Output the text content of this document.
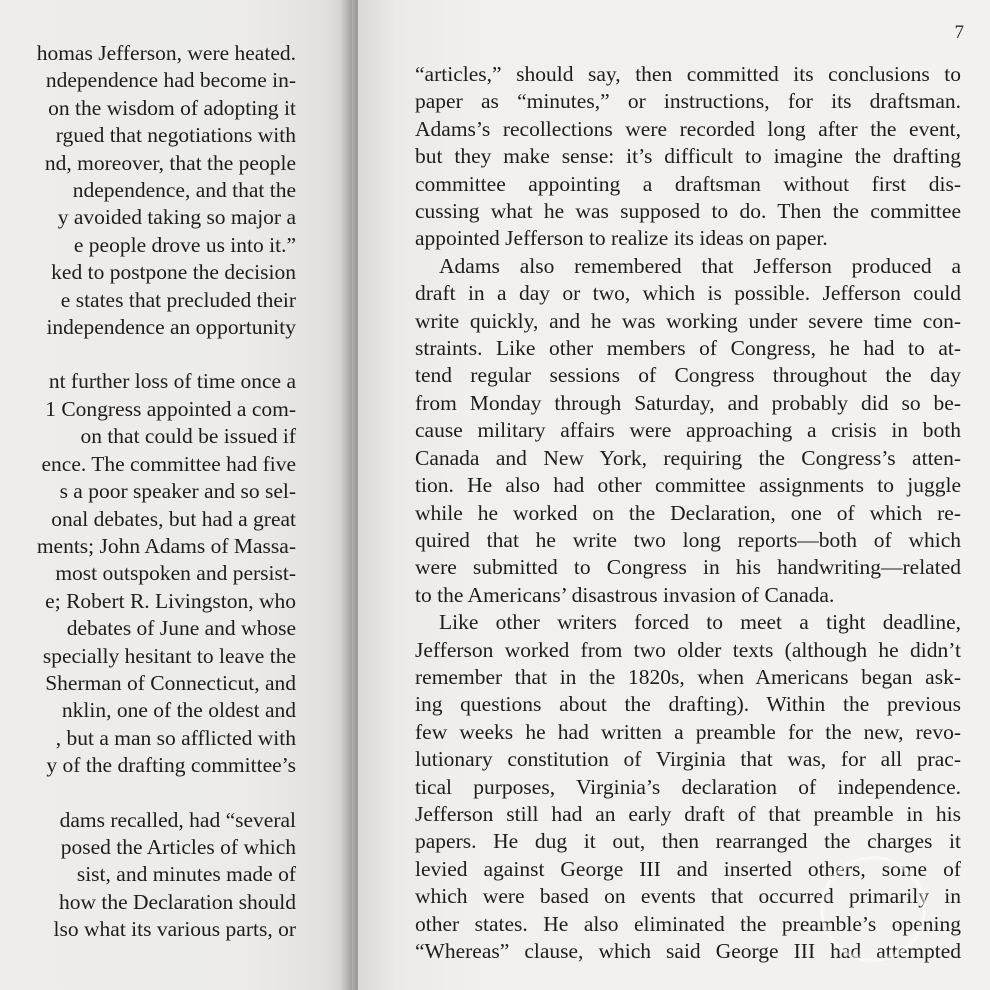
homas Jefferson, were heated.
ndependence had become in-
on the wisdom of adopting it
rgued that negotiations with
nd, moreover, that the people
ndependence, and that the
y avoided taking so major a
e people drove us into it.”
ked to postpone the decision
e states that precluded their
independence an opportunity
nt further loss of time once a
1 Congress appointed a com-
on that could be issued if
ence. The committee had five
s a poor speaker and so sel-
onal debates, but had a great
ments; John Adams of Massa-
most outspoken and persist-
e; Robert R. Livingston, who
debates of June and whose
specially hesitant to leave the
Sherman of Connecticut, and
nklin, one of the oldest and
, but a man so afflicted with
y of the drafting committee’s
dams recalled, had “several
posed the Articles of which
sist, and minutes made of
how the Declaration should
lso what its various parts, or
7
“articles,” should say, then committed its conclusions to
paper as “minutes,” or instructions, for its draftsman.
Adams’s recollections were recorded long after the event,
but they make sense: it’s difficult to imagine the drafting
committee appointing a draftsman without first dis-
cussing what he was supposed to do. Then the committee
appointed Jefferson to realize its ideas on paper.
Adams also remembered that Jefferson produced a
draft in a day or two, which is possible. Jefferson could
write quickly, and he was working under severe time con-
straints. Like other members of Congress, he had to at-
tend regular sessions of Congress throughout the day
from Monday through Saturday, and probably did so be-
cause military affairs were approaching a crisis in both
Canada and New York, requiring the Congress’s atten-
tion. He also had other committee assignments to juggle
while he worked on the Declaration, one of which re-
quired that he write two long reports—both of which
were submitted to Congress in his handwriting—related
to the Americans’ disastrous invasion of Canada.
Like other writers forced to meet a tight deadline,
Jefferson worked from two older texts (although he didn’t
remember that in the 1820s, when Americans began ask-
ing questions about the drafting). Within the previous
few weeks he had written a preamble for the new, revo-
lutionary constitution of Virginia that was, for all prac-
tical purposes, Virginia’s declaration of independence.
Jefferson still had an early draft of that preamble in his
papers. He dug it out, then rearranged the charges it
levied against George III and inserted others, some of
which were based on events that occurred primarily in
other states. He also eliminated the preamble’s opening
“Whereas” clause, which said George III had attempted
